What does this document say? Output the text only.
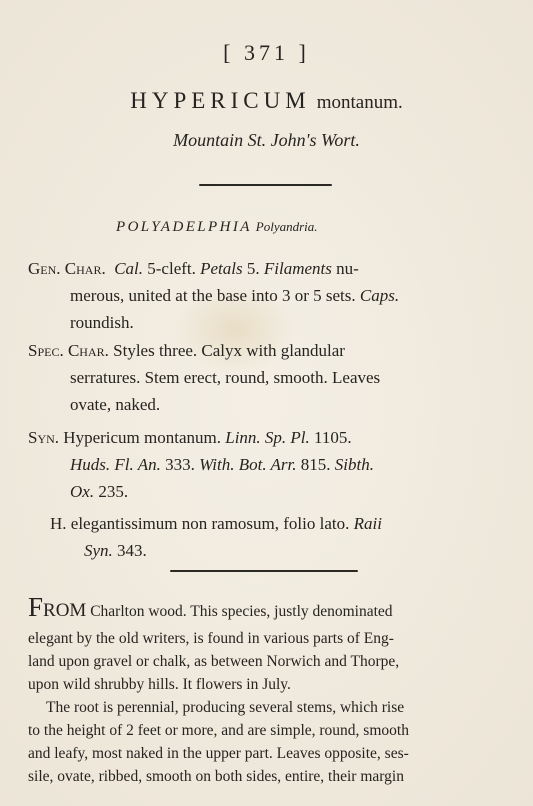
[ 371 ]
HYPERICUM montanum.
Mountain St. John's Wort.
POLYADELPHIA Polyandria.
Gen. Char. Cal. 5-cleft. Petals 5. Filaments nu-
merous, united at the base into 3 or 5 sets. Caps.
roundish.
Spec. Char. Styles three. Calyx with glandular
serratures. Stem erect, round, smooth. Leaves
ovate, naked.
Syn. Hypericum montanum. Linn. Sp. Pl. 1105.
Huds. Fl. An. 333. With. Bot. Arr. 815. Sibth.
Ox. 235.
H. elegantissimum non ramosum, folio lato. Raii
Syn. 343.
FROM Charlton wood. This species, justly denominated
elegant by the old writers, is found in various parts of Eng-
land upon gravel or chalk, as between Norwich and Thorpe,
upon wild shrubby hills. It flowers in July.
The root is perennial, producing several stems, which rise
to the height of 2 feet or more, and are simple, round, smooth
and leafy, most naked in the upper part. Leaves opposite, ses-
sile, ovate, ribbed, smooth on both sides, entire, their margin
